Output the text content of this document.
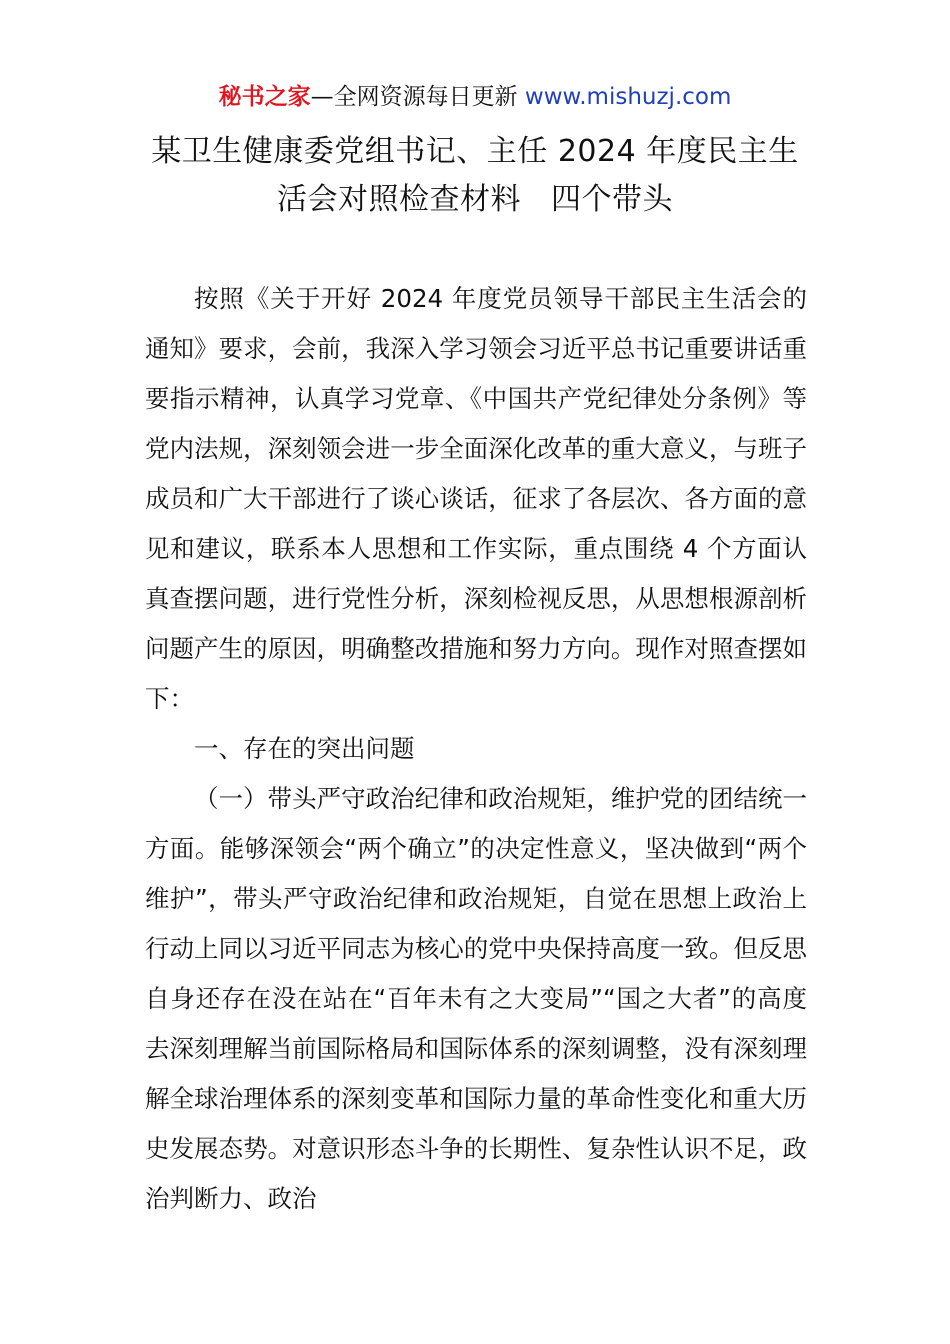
秘书之家—全网资源每日更新 www.mishuzj.com
某卫生健康委党组书记、主任 2024 年度民主生
活会对照检查材料 四个带头

按照《关于开好 2024 年度党员领导干部民主生活会的通知》要求，会前，我深入学习领会习近平总书记重要讲话重要指示精神，认真学习党章、《中国共产党纪律处分条例》等党内法规，深刻领会进一步全面深化改革的重大意义，与班子成员和广大干部进行了谈心谈话，征求了各层次、各方面的意见和建议，联系本人思想和工作实际，重点围绕 4 个方面认真查摆问题，进行党性分析，深刻检视反思，从思想根源剖析问题产生的原因，明确整改措施和努力方向。现作对照查摆如下：

一、存在的突出问题

（一）带头严守政治纪律和政治规矩，维护党的团结统一方面。能够深领会“两个确立”的决定性意义，坚决做到“两个维护”，带头严守政治纪律和政治规矩，自觉在思想上政治上行动上同以习近平同志为核心的党中央保持高度一致。但反思自身还存在没在站在“百年未有之大变局”“国之大者”的高度去深刻理解当前国际格局和国际体系的深刻调整，没有深刻理解全球治理体系的深刻变革和国际力量的革命性变化和重大历史发展态势。对意识形态斗争的长期性、复杂性认识不足，政治判断力、政治
